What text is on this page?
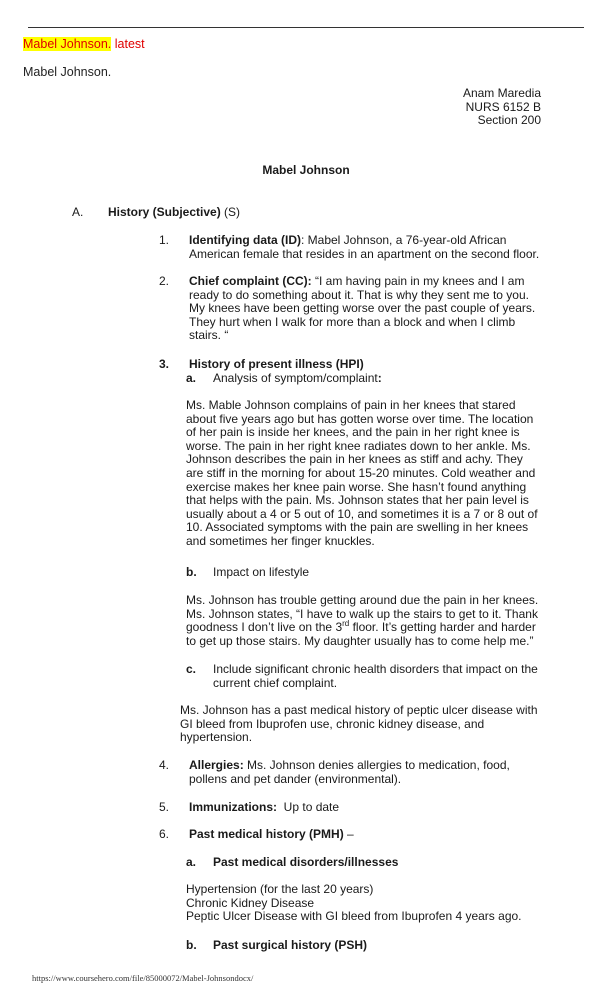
Mabel Johnson. latest
Mabel Johnson.
Anam Maredia
NURS 6152 B
Section 200
Mabel Johnson
A. History (Subjective) (S)
1.	Identifying data (ID): Mabel Johnson, a 76-year-old African American female that resides in an apartment on the second floor.
2.	Chief complaint (CC): “I am having pain in my knees and I am ready to do something about it. That is why they sent me to you. My knees have been getting worse over the past couple of years. They hurt when I walk for more than a block and when I climb stairs. “
3.	History of present illness (HPI)
a. Analysis of symptom/complaint:
Ms. Mable Johnson complains of pain in her knees that stared about five years ago but has gotten worse over time. The location of her pain is inside her knees, and the pain in her right knee is worse. The pain in her right knee radiates down to her ankle. Ms. Johnson describes the pain in her knees as stiff and achy. They are stiff in the morning for about 15-20 minutes. Cold weather and exercise makes her knee pain worse. She hasn’t found anything that helps with the pain. Ms. Johnson states that her pain level is usually about a 4 or 5 out of 10, and sometimes it is a 7 or 8 out of 10. Associated symptoms with the pain are swelling in her knees and sometimes her finger knuckles.
b. Impact on lifestyle
Ms. Johnson has trouble getting around due the pain in her knees. Ms. Johnson states, “I have to walk up the stairs to get to it. Thank goodness I don’t live on the 3rd floor. It’s getting harder and harder to get up those stairs. My daughter usually has to come help me.”
c. Include significant chronic health disorders that impact on the current chief complaint.
Ms. Johnson has a past medical history of peptic ulcer disease with GI bleed from Ibuprofen use, chronic kidney disease, and hypertension.
4.	Allergies: Ms. Johnson denies allergies to medication, food, pollens and pet dander (environmental).
5.	Immunizations:  Up to date
6.	Past medical history (PMH) –
a. Past medical disorders/illnesses
Hypertension (for the last 20 years)
Chronic Kidney Disease
Peptic Ulcer Disease with GI bleed from Ibuprofen 4 years ago.
b. Past surgical history (PSH)
https://www.coursehero.com/file/85000072/Mabel-Johnsondocx/
